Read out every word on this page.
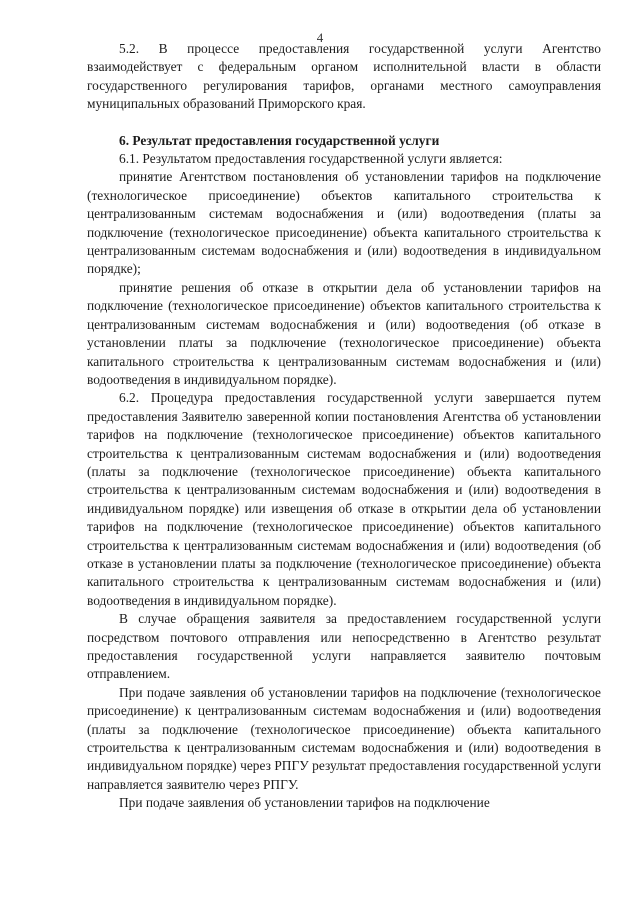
4

5.2. В процессе предоставления государственной услуги Агентство взаимодействует с федеральным органом исполнительной власти в области государственного регулирования тарифов, органами местного самоуправления муниципальных образований Приморского края.

6. Результат предоставления государственной услуги

6.1. Результатом предоставления государственной услуги является:

принятие Агентством постановления об установлении тарифов на подключение (технологическое присоединение) объектов капитального строительства к централизованным системам водоснабжения и (или) водоотведения (платы за подключение (технологическое присоединение) объекта капитального строительства к централизованным системам водоснабжения и (или) водоотведения в индивидуальном порядке);

принятие решения об отказе в открытии дела об установлении тарифов на подключение (технологическое присоединение) объектов капитального строительства к централизованным системам водоснабжения и (или) водоотведения (об отказе в установлении платы за подключение (технологическое присоединение) объекта капитального строительства к централизованным системам водоснабжения и (или) водоотведения в индивидуальном порядке).

6.2. Процедура предоставления государственной услуги завершается путем предоставления Заявителю заверенной копии постановления Агентства об установлении тарифов на подключение (технологическое присоединение) объектов капитального строительства к централизованным системам водоснабжения и (или) водоотведения (платы за подключение (технологическое присоединение) объекта капитального строительства к централизованным системам водоснабжения и (или) водоотведения в индивидуальном порядке) или извещения об отказе в открытии дела об установлении тарифов на подключение (технологическое присоединение) объектов капитального строительства к централизованным системам водоснабжения и (или) водоотведения (об отказе в установлении платы за подключение (технологическое присоединение) объекта капитального строительства к централизованным системам водоснабжения и (или) водоотведения в индивидуальном порядке).

В случае обращения заявителя за предоставлением государственной услуги посредством почтового отправления или непосредственно в Агентство результат предоставления государственной услуги направляется заявителю почтовым отправлением.

При подаче заявления об установлении тарифов на подключение (технологическое присоединение) к централизованным системам водоснабжения и (или) водоотведения (платы за подключение (технологическое присоединение) объекта капитального строительства к централизованным системам водоснабжения и (или) водоотведения в индивидуальном порядке) через РПГУ результат предоставления государственной услуги направляется заявителю через РПГУ.

При подаче заявления об установлении тарифов на подключение
